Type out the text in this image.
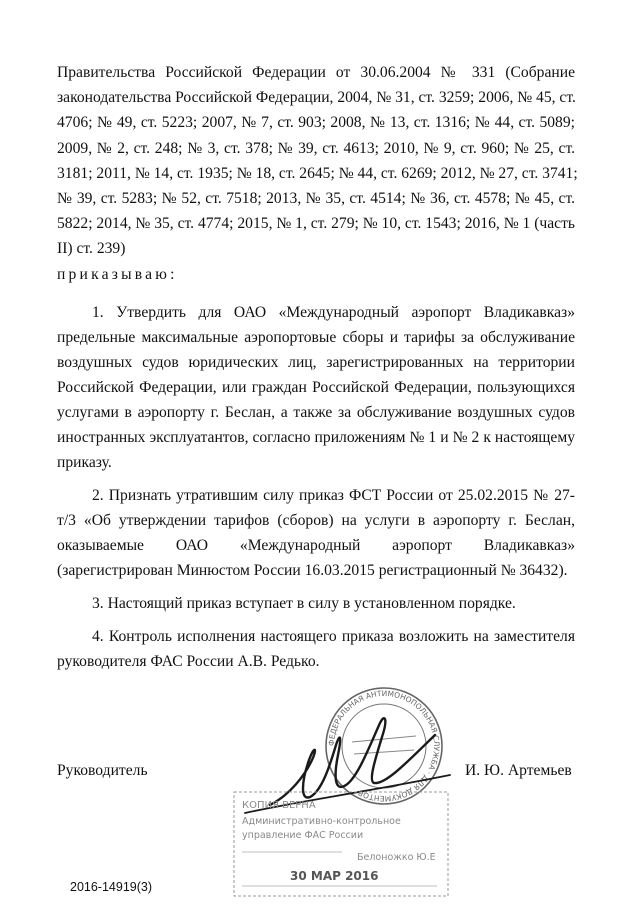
Правительства Российской Федерации от 30.06.2004 № 331 (Собрание
законодательства Российской Федерации, 2004, № 31, ст. 3259; 2006, № 45, ст.
4706; № 49, ст. 5223; 2007, № 7, ст. 903; 2008, № 13, ст. 1316; № 44, ст. 5089;
2009, № 2, ст. 248; № 3, ст. 378; № 39, ст. 4613; 2010, № 9, ст. 960; № 25, ст.
3181; 2011, № 14, ст. 1935; № 18, ст. 2645; № 44, ст. 6269; 2012, № 27, ст. 3741;
№ 39, ст. 5283; № 52, ст. 7518; 2013, № 35, ст. 4514; № 36, ст. 4578; № 45, ст.
5822; 2014, № 35, ст. 4774; 2015, № 1, ст. 279; № 10, ст. 1543; 2016, № 1 (часть
II) ст. 239)
приказываю:

1. Утвердить для ОАО «Международный аэропорт Владикавказ» предельные максимальные аэропортовые сборы и тарифы за обслуживание воздушных судов юридических лиц, зарегистрированных на территории Российской Федерации, или граждан Российской Федерации, пользующихся услугами в аэропорту г. Беслан, а также за обслуживание воздушных судов иностранных эксплуатантов, согласно приложениям № 1 и № 2 к настоящему приказу.

2. Признать утратившим силу приказ ФСТ России от 25.02.2015 № 27-т/3 «Об утверждении тарифов (сборов) на услуги в аэропорту г. Беслан, оказываемые ОАО «Международный аэропорт Владикавказ» (зарегистрирован Минюстом России 16.03.2015 регистрационный № 36432).

3. Настоящий приказ вступает в силу в установленном порядке.

4. Контроль исполнения настоящего приказа возложить на заместителя руководителя ФАС России А.В. Редько.

ФЕДЕРАЛЬНАЯ АНТИМОНОПОЛЬНАЯ СЛУЖБА · ДЛЯ ДОКУМЕНТОВ
Руководитель	И. Ю. Артемьев
КОПИЯ ВЕРНА
Административно-контрольное
управление ФАС России
Белоножко Ю.Е
30 МАР 2016
2016-14919(3)
